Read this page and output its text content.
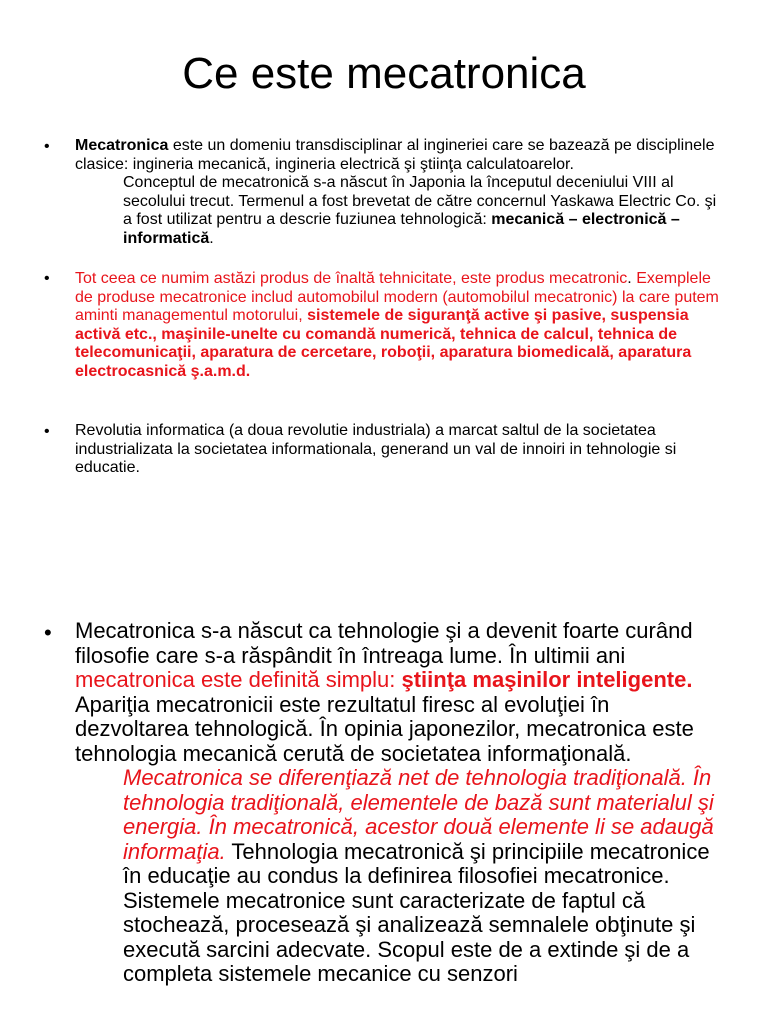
Ce este mecatronica
• Mecatronica este un domeniu transdisciplinar al ingineriei care se bazează pe disciplinele clasice: ingineria mecanică, ingineria electrică şi ştiinţa calculatoarelor.

Conceptul de mecatronică s-a născut în Japonia la începutul deceniului VIII al secolului trecut. Termenul a fost brevetat de către concernul Yaskawa Electric Co. şi a fost utilizat pentru a descrie fuziunea tehnologică: mecanică – electronică – informatică.

• Tot ceea ce numim astăzi produs de înaltă tehnicitate, este produs mecatronic. Exemplele de produse mecatronice includ automobilul modern (automobilul mecatronic) la care putem aminti managementul motorului, sistemele de siguranţă active şi pasive, suspensia activă etc., maşinile-unelte cu comandă numerică, tehnica de calcul, tehnica de telecomunicaţii, aparatura de cercetare, roboţii, aparatura biomedicală, aparatura electrocasnică ş.a.m.d.

• Revolutia informatica (a doua revolutie industriala) a marcat saltul de la societatea industrializata la societatea informationala, generand un val de innoiri in tehnologie si educatie.

• Mecatronica s-a născut ca tehnologie şi a devenit foarte curând filosofie care s-a răspândit în întreaga lume. În ultimii ani mecatronica este definită simplu: ştiinţa maşinilor inteligente. Apariţia mecatronicii este rezultatul firesc al evoluţiei în dezvoltarea tehnologică. În opinia japonezilor, mecatronica este tehnologia mecanică cerută de societatea informaţională.

Mecatronica se diferenţiază net de tehnologia tradiţională. În tehnologia tradiţională, elementele de bază sunt materialul şi energia. În mecatronică, acestor două elemente li se adaugă informaţia. Tehnologia mecatronică şi principiile mecatronice în educaţie au condus la definirea filosofiei mecatronice.

Sistemele mecatronice sunt caracterizate de faptul că stochează, procesează şi analizează semnalele obţinute şi execută sarcini adecvate. Scopul este de a extinde şi de a completa sistemele mecanice cu senzori
